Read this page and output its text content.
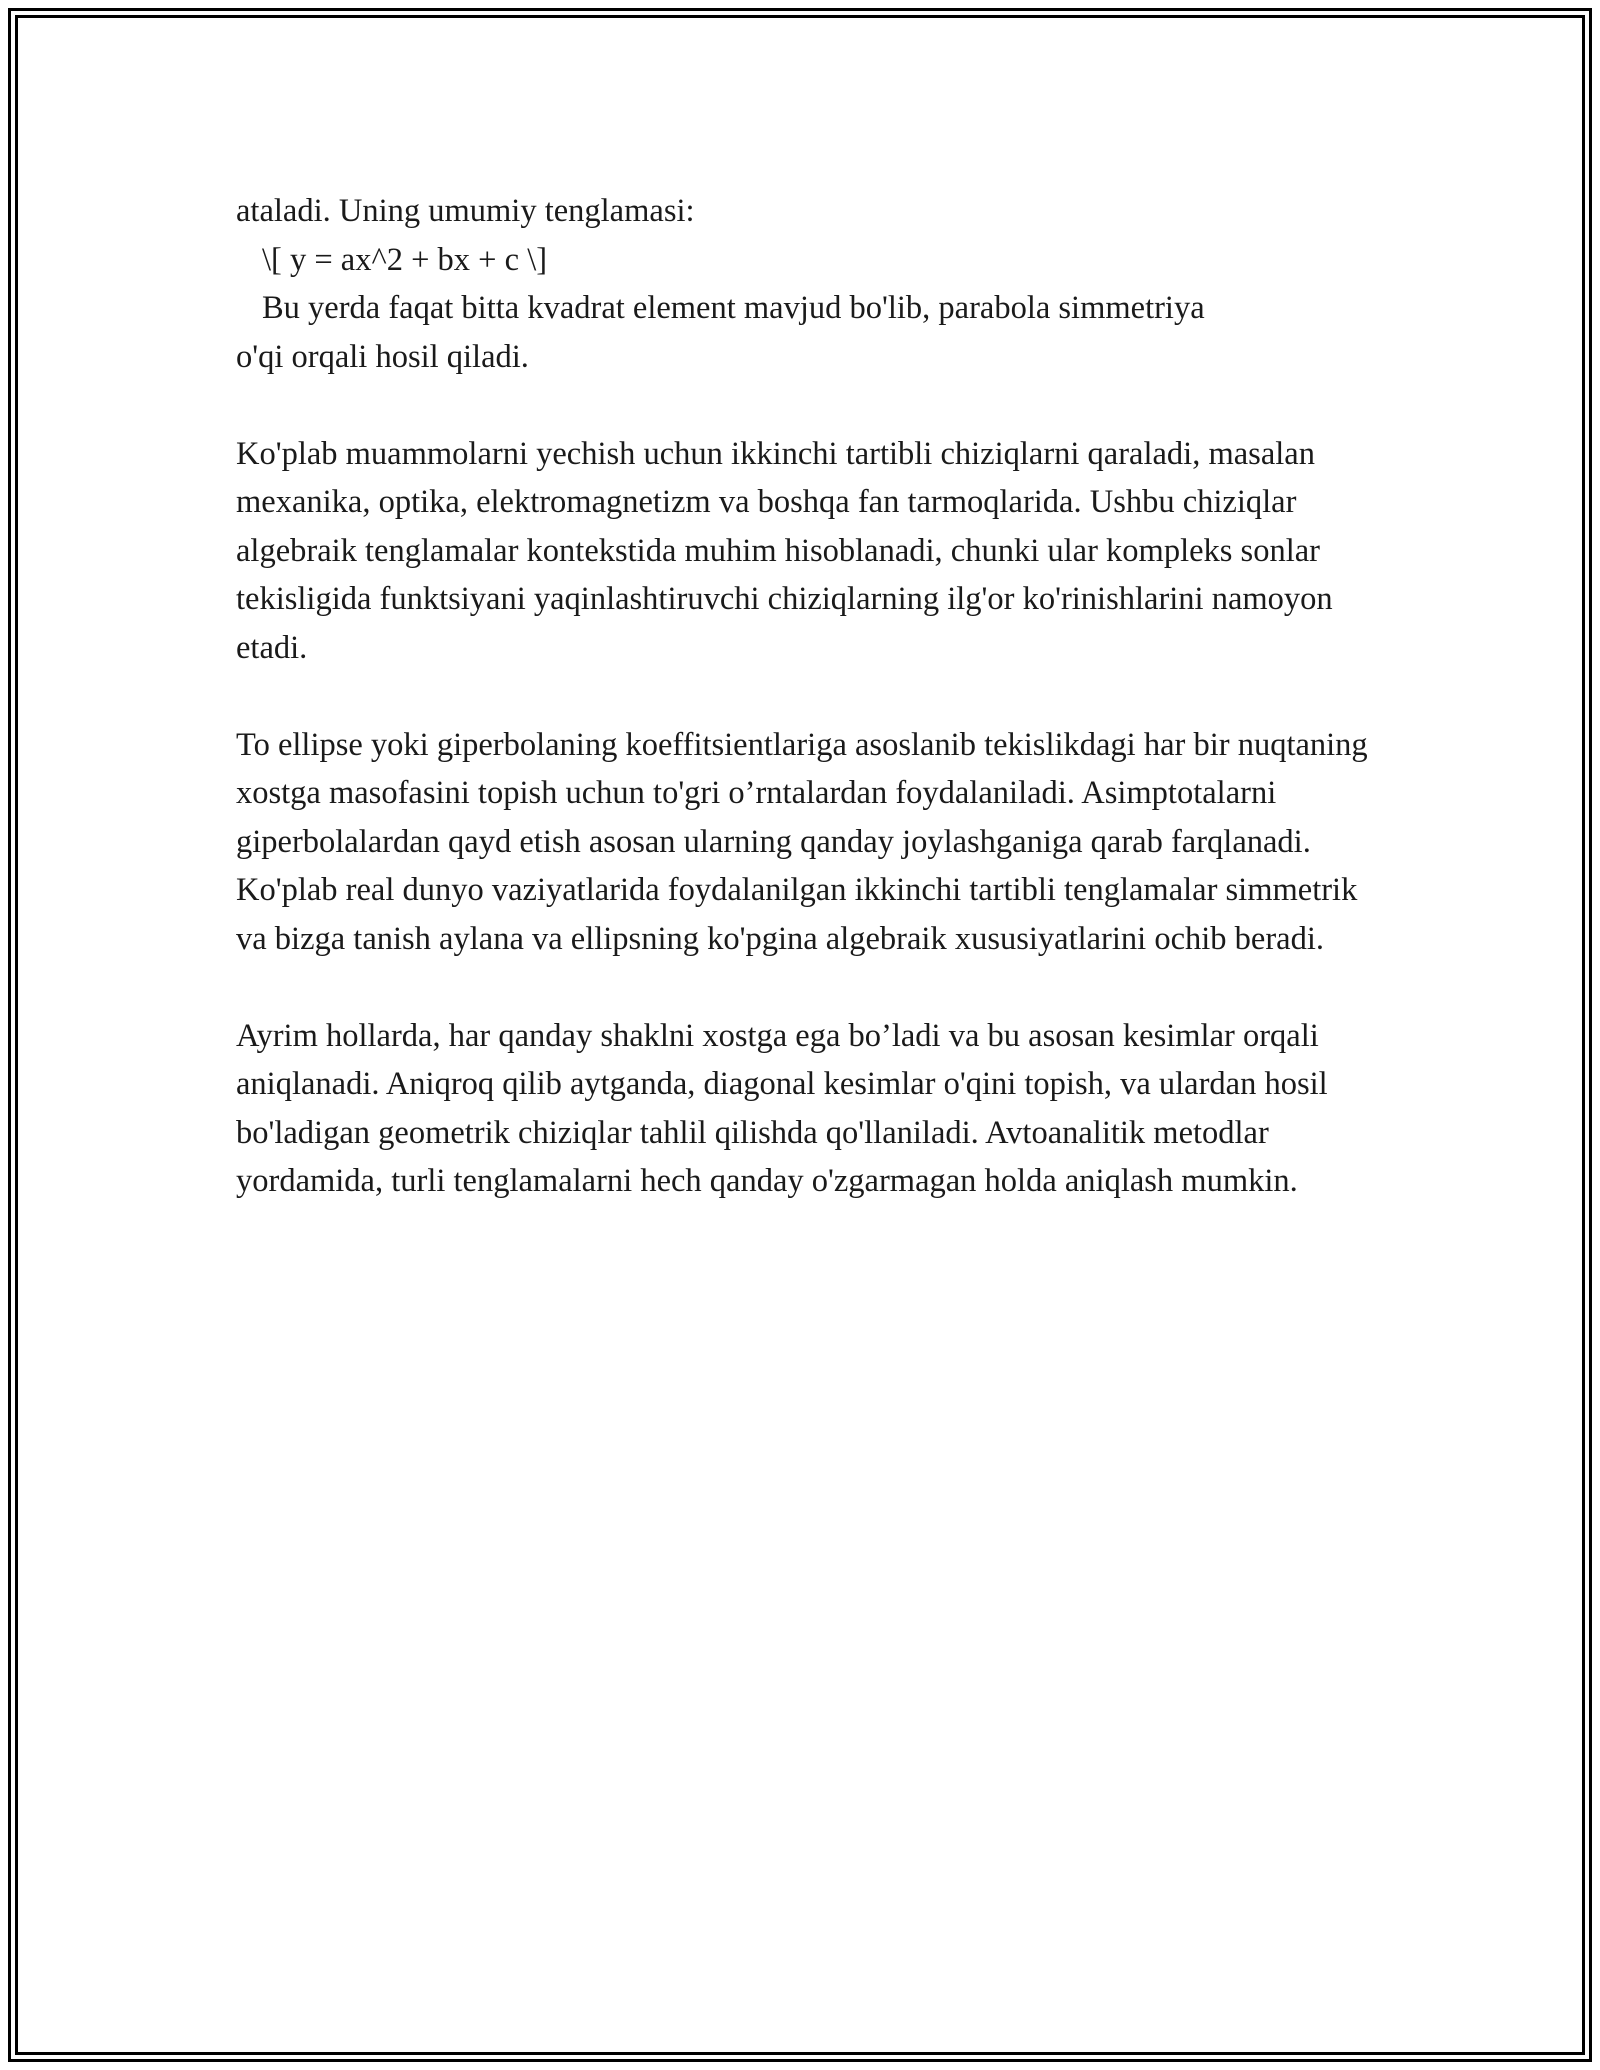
ataladi. Uning umumiy tenglamasi:

\[ y = ax^2 + bx + c \]

Bu yerda faqat bitta kvadrat element mavjud bo'lib, parabola simmetriya
o'qi orqali hosil qiladi.

Ko'plab muammolarni yechish uchun ikkinchi tartibli chiziqlarni qaraladi, masalan mexanika, optika, elektromagnetizm va boshqa fan tarmoqlarida. Ushbu chiziqlar algebraik tenglamalar kontekstida muhim hisoblanadi, chunki ular kompleks sonlar tekisligida funktsiyani yaqinlashtiruvchi chiziqlarning ilg'or ko'rinishlarini namoyon etadi.

To ellipse yoki giperbolaning koeffitsientlariga asoslanib tekislikdagi har bir nuqtaning xostga masofasini topish uchun to'gri o’rntalardan foydalaniladi. Asimptotalarni giperbolalardan qayd etish asosan ularning qanday joylashganiga qarab farqlanadi. Ko'plab real dunyo vaziyatlarida foydalanilgan ikkinchi tartibli tenglamalar simmetrik va bizga tanish aylana va ellipsning ko'pgina algebraik xususiyatlarini ochib beradi.

Ayrim hollarda, har qanday shaklni xostga ega bo’ladi va bu asosan kesimlar orqali aniqlanadi. Aniqroq qilib aytganda, diagonal kesimlar o'qini topish, va ulardan hosil bo'ladigan geometrik chiziqlar tahlil qilishda qo'llaniladi. Avtoanalitik metodlar yordamida, turli tenglamalarni hech qanday o'zgarmagan holda aniqlash mumkin.
